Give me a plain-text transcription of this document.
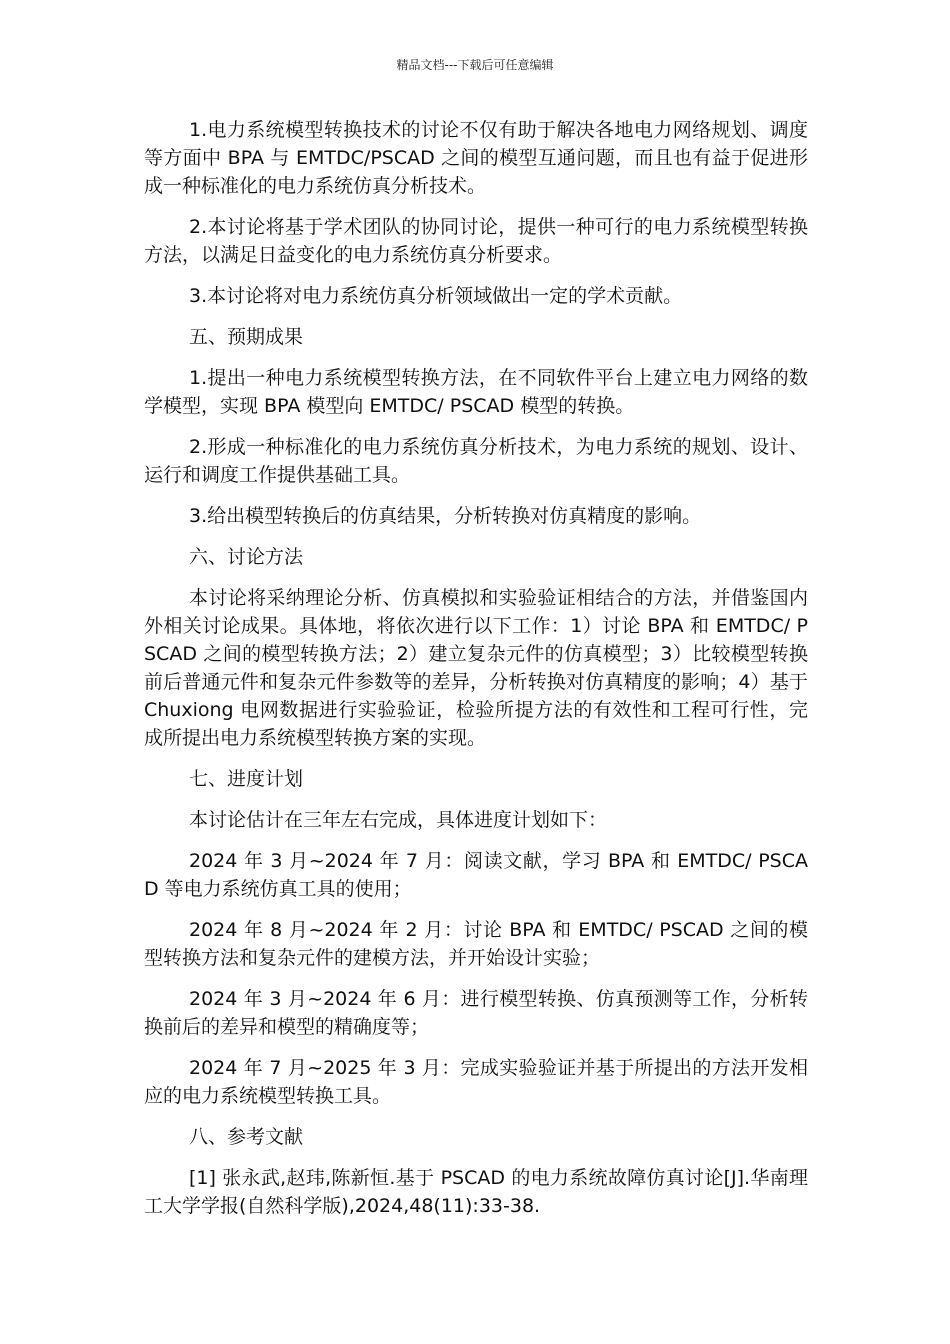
精品文档---下载后可任意编辑

1.电力系统模型转换技术的讨论不仅有助于解决各地电力网络规划、调度等方面中 BPA 与 EMTDC/PSCAD 之间的模型互通问题，而且也有益于促进形成一种标准化的电力系统仿真分析技术。

2.本讨论将基于学术团队的协同讨论，提供一种可行的电力系统模型转换方法，以满足日益变化的电力系统仿真分析要求。

3.本讨论将对电力系统仿真分析领域做出一定的学术贡献。

五、预期成果

1.提出一种电力系统模型转换方法，在不同软件平台上建立电力网络的数学模型，实现 BPA 模型向 EMTDC/ PSCAD 模型的转换。

2.形成一种标准化的电力系统仿真分析技术，为电力系统的规划、设计、运行和调度工作提供基础工具。

3.给出模型转换后的仿真结果，分析转换对仿真精度的影响。

六、讨论方法

本讨论将采纳理论分析、仿真模拟和实验验证相结合的方法，并借鉴国内外相关讨论成果。具体地，将依次进行以下工作：1）讨论 BPA 和 EMTDC/ PSCAD 之间的模型转换方法；2）建立复杂元件的仿真模型；3）比较模型转换前后普通元件和复杂元件参数等的差异，分析转换对仿真精度的影响；4）基于 Chuxiong 电网数据进行实验验证，检验所提方法的有效性和工程可行性，完成所提出电力系统模型转换方案的实现。

七、进度计划

本讨论估计在三年左右完成，具体进度计划如下：

2024 年 3 月~2024 年 7 月：阅读文献，学习 BPA 和 EMTDC/ PSCAD 等电力系统仿真工具的使用；

2024 年 8 月~2024 年 2 月：讨论 BPA 和 EMTDC/ PSCAD 之间的模型转换方法和复杂元件的建模方法，并开始设计实验；

2024 年 3 月~2024 年 6 月：进行模型转换、仿真预测等工作，分析转换前后的差异和模型的精确度等；

2024 年 7 月~2025 年 3 月：完成实验验证并基于所提出的方法开发相应的电力系统模型转换工具。

八、参考文献

[1] 张永武,赵玮,陈新恒.基于 PSCAD 的电力系统故障仿真讨论[J].华南理工大学学报(自然科学版),2024,48(11):33-38.
